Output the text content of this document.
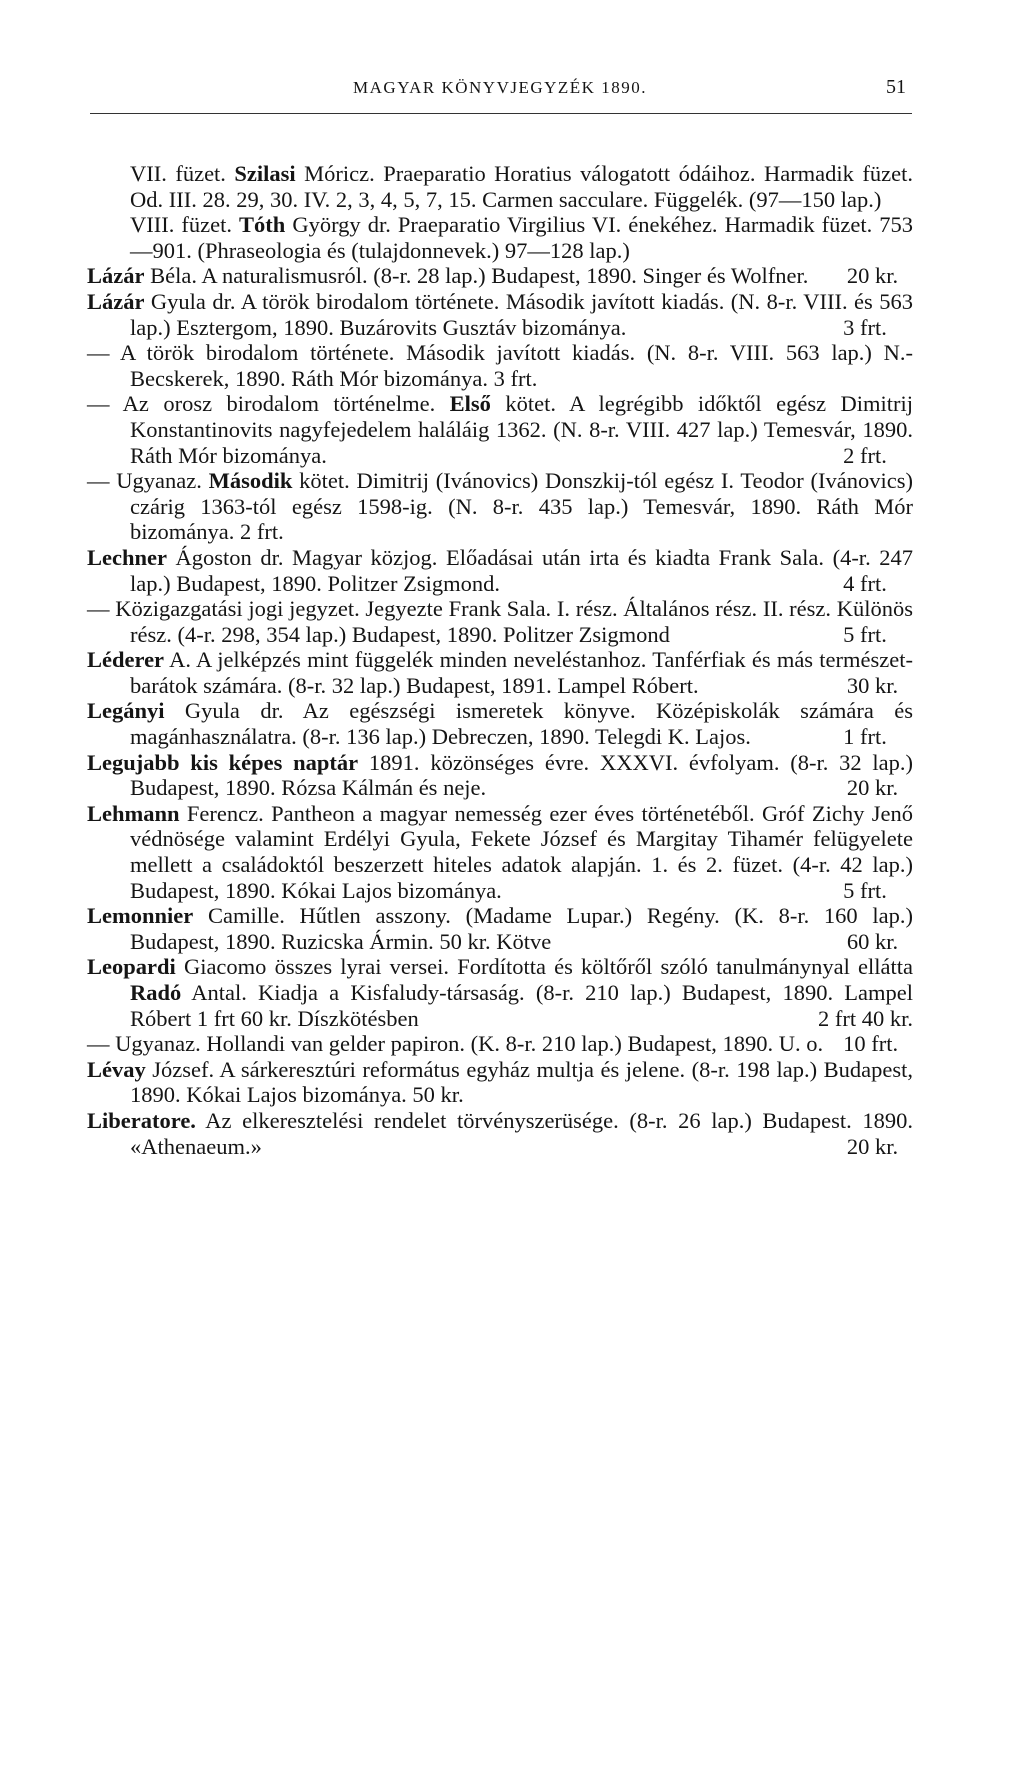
MAGYAR KÖNYVJEGYZÉK 1890.	51
VII. füzet. Szilasi Móricz. Praeparatio Horatius válogatott ódáihoz. Harmadik füzet. Od. III. 28. 29, 30. IV. 2, 3, 4, 5, 7, 15. Carmen sacculare. Függelék. (97—150 lap.)
VIII. füzet. Tóth György dr. Praeparatio Virgilius VI. énekéhez. Harmadik füzet. 753—901. (Phraseologia és (tulajdonnevek.) 97—128 lap.)
Lázár Béla. A naturalismusról. (8-r. 28 lap.) Budapest, 1890. Singer és Wolfner. 20 kr.
Lázár Gyula dr. A török birodalom története. Második javított kiadás. (N. 8-r. VIII. és 563 lap.) Esztergom, 1890. Buzárovits Gusztáv bizománya.	3 frt.
— A török birodalom története. Második javított kiadás. (N. 8-r. VIII. 563 lap.) N.-Becskerek, 1890. Ráth Mór bizománya. 3 frt.
— Az orosz birodalom történelme. Első kötet. A legrégibb időktől egész Dimitrij Konstantinovits nagyfejedelem haláláig 1362. (N. 8-r. VIII. 427 lap.) Temesvár, 1890. Ráth Mór bizománya.	2 frt.
— Ugyanaz. Második kötet. Dimitrij (Ivánovics) Donszkij-tól egész I. Teodor (Ivánovics) czárig 1363-tól egész 1598-ig. (N. 8-r. 435 lap.) Temesvár, 1890. Ráth Mór bizománya. 2 frt.
Lechner Ágoston dr. Magyar közjog. Előadásai után irta és kiadta Frank Sala. (4-r. 247 lap.) Budapest, 1890. Politzer Zsigmond.	4 frt.
— Közigazgatási jogi jegyzet. Jegyezte Frank Sala. I. rész. Általános rész. II. rész. Különös rész. (4-r. 298, 354 lap.) Budapest, 1890. Politzer Zsigmond	5 frt.
Léderer A. A jelképzés mint függelék minden neveléstanhoz. Tanférfiak és más természet-barátok számára. (8-r. 32 lap.) Budapest, 1891. Lampel Róbert.	30 kr.
Legányi Gyula dr. Az egészségi ismeretek könyve. Középiskolák számára és magánhasználatra. (8-r. 136 lap.) Debreczen, 1890. Telegdi K. Lajos.	1 frt.
Legujabb kis képes naptár 1891. közönséges évre. XXXVI. évfolyam. (8-r. 32 lap.) Budapest, 1890. Rózsa Kálmán és neje.	20 kr.
Lehmann Ferencz. Pantheon a magyar nemesség ezer éves történetéből. Gróf Zichy Jenő védnösége valamint Erdélyi Gyula, Fekete József és Margitay Tihamér felügyelete mellett a családoktól beszerzett hiteles adatok alapján. 1. és 2. füzet. (4-r. 42 lap.) Budapest, 1890. Kókai Lajos bizománya.	5 frt.
Lemonnier Camille. Hűtlen asszony. (Madame Lupar.) Regény. (K. 8-r. 160 lap.) Budapest, 1890. Ruzicska Ármin. 50 kr. Kötve	60 kr.
Leopardi Giacomo összes lyrai versei. Fordította és költőről szóló tanulmánynyal ellátta Radó Antal. Kiadja a Kisfaludy-társaság. (8-r. 210 lap.) Budapest, 1890. Lampel Róbert 1 frt 60 kr. Díszkötésben	2 frt 40 kr.
— Ugyanaz. Hollandi van gelder papiron. (K. 8-r. 210 lap.) Budapest, 1890. U. o. 10 frt.
Lévay József. A sárkeresztúri református egyház multja és jelene. (8-r. 198 lap.) Budapest, 1890. Kókai Lajos bizománya. 50 kr.
Liberatore. Az elkeresztelési rendelet törvényszerüsége. (8-r. 26 lap.) Budapest. 1890. «Athenaeum.»	20 kr.
